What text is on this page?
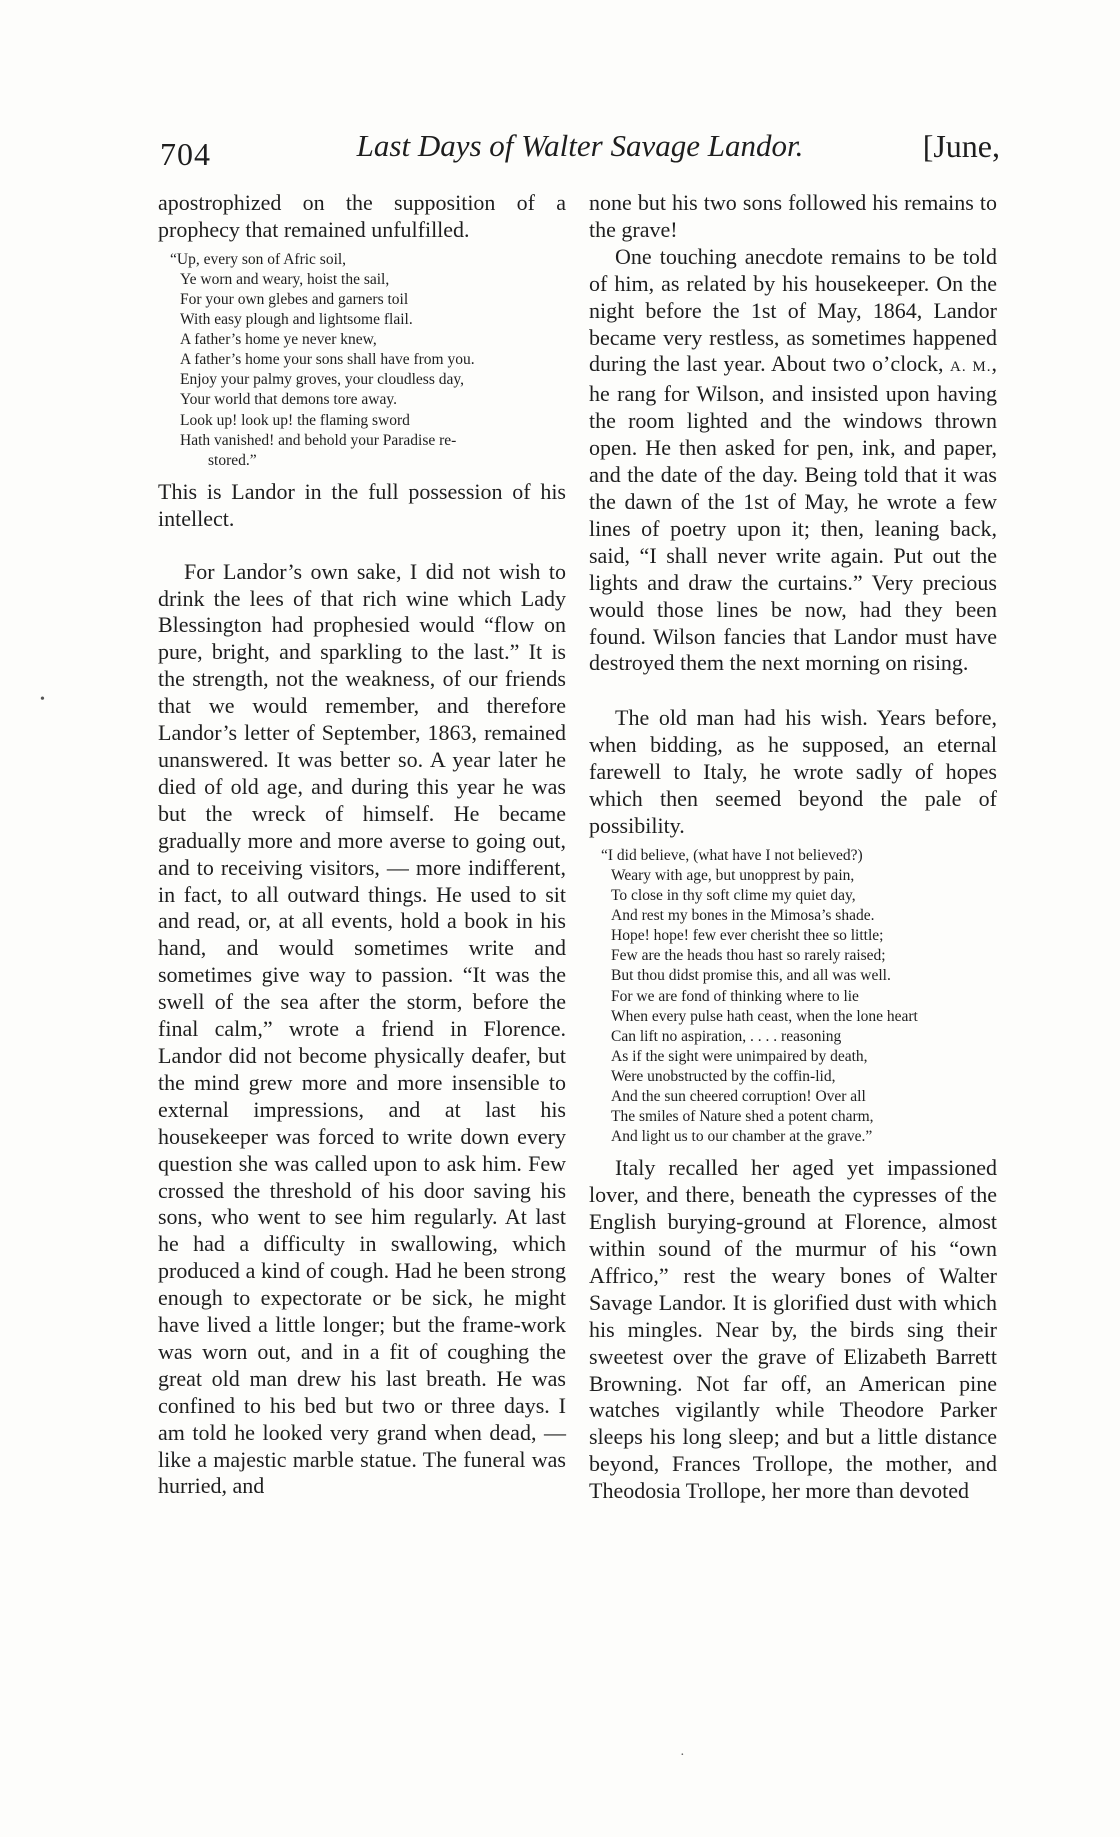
704	Last Days of Walter Savage Landor.	[June,

apostrophized on the supposition of a prophecy that remained unfulfilled.

“Up, every son of Afric soil,
Ye worn and weary, hoist the sail,
For your own glebes and garners toil
With easy plough and lightsome flail.
A father’s home ye never knew,
A father’s home your sons shall have from you.
Enjoy your palmy groves, your cloudless day,
Your world that demons tore away.
Look up! look up! the flaming sword
Hath vanished! and behold your Paradise re-
stored.”

This is Landor in the full possession of his intellect.

For Landor’s own sake, I did not wish to drink the lees of that rich wine which Lady Blessington had prophesied would “flow on pure, bright, and sparkling to the last.” It is the strength, not the weakness, of our friends that we would remember, and therefore Landor’s letter of September, 1863, remained unanswered. It was better so. A year later he died of old age, and during this year he was but the wreck of himself. He became gradually more and more averse to going out, and to receiving visitors, — more indifferent, in fact, to all outward things. He used to sit and read, or, at all events, hold a book in his hand, and would sometimes write and sometimes give way to passion. “It was the swell of the sea after the storm, before the final calm,” wrote a friend in Florence. Landor did not become physically deafer, but the mind grew more and more insensible to external impressions, and at last his housekeeper was forced to write down every question she was called upon to ask him. Few crossed the threshold of his door saving his sons, who went to see him regularly. At last he had a difficulty in swallowing, which produced a kind of cough. Had he been strong enough to expectorate or be sick, he might have lived a little longer; but the frame-work was worn out, and in a fit of coughing the great old man drew his last breath. He was confined to his bed but two or three days. I am told he looked very grand when dead, — like a majestic marble statue. The funeral was hurried, and

none but his two sons followed his remains to the grave!

One touching anecdote remains to be told of him, as related by his housekeeper. On the night before the 1st of May, 1864, Landor became very restless, as sometimes happened during the last year. About two o’clock, A. M., he rang for Wilson, and insisted upon having the room lighted and the windows thrown open. He then asked for pen, ink, and paper, and the date of the day. Being told that it was the dawn of the 1st of May, he wrote a few lines of poetry upon it; then, leaning back, said, “I shall never write again. Put out the lights and draw the curtains.” Very precious would those lines be now, had they been found. Wilson fancies that Landor must have destroyed them the next morning on rising.

The old man had his wish. Years before, when bidding, as he supposed, an eternal farewell to Italy, he wrote sadly of hopes which then seemed beyond the pale of possibility.

“I did believe, (what have I not believed?)
Weary with age, but unopprest by pain,
To close in thy soft clime my quiet day,
And rest my bones in the Mimosa’s shade.
Hope! hope! few ever cherisht thee so little;
Few are the heads thou hast so rarely raised;
But thou didst promise this, and all was well.
For we are fond of thinking where to lie
When every pulse hath ceast, when the lone heart
Can lift no aspiration, . . . . reasoning
As if the sight were unimpaired by death,
Were unobstructed by the coffin-lid,
And the sun cheered corruption! Over all
The smiles of Nature shed a potent charm,
And light us to our chamber at the grave.”

Italy recalled her aged yet impassioned lover, and there, beneath the cypresses of the English burying-ground at Florence, almost within sound of the murmur of his “own Affrico,” rest the weary bones of Walter Savage Landor. It is glorified dust with which his mingles. Near by, the birds sing their sweetest over the grave of Elizabeth Barrett Browning. Not far off, an American pine watches vigilantly while Theodore Parker sleeps his long sleep; and but a little distance beyond, Frances Trollope, the mother, and Theodosia Trollope, her more than devoted

•
·
